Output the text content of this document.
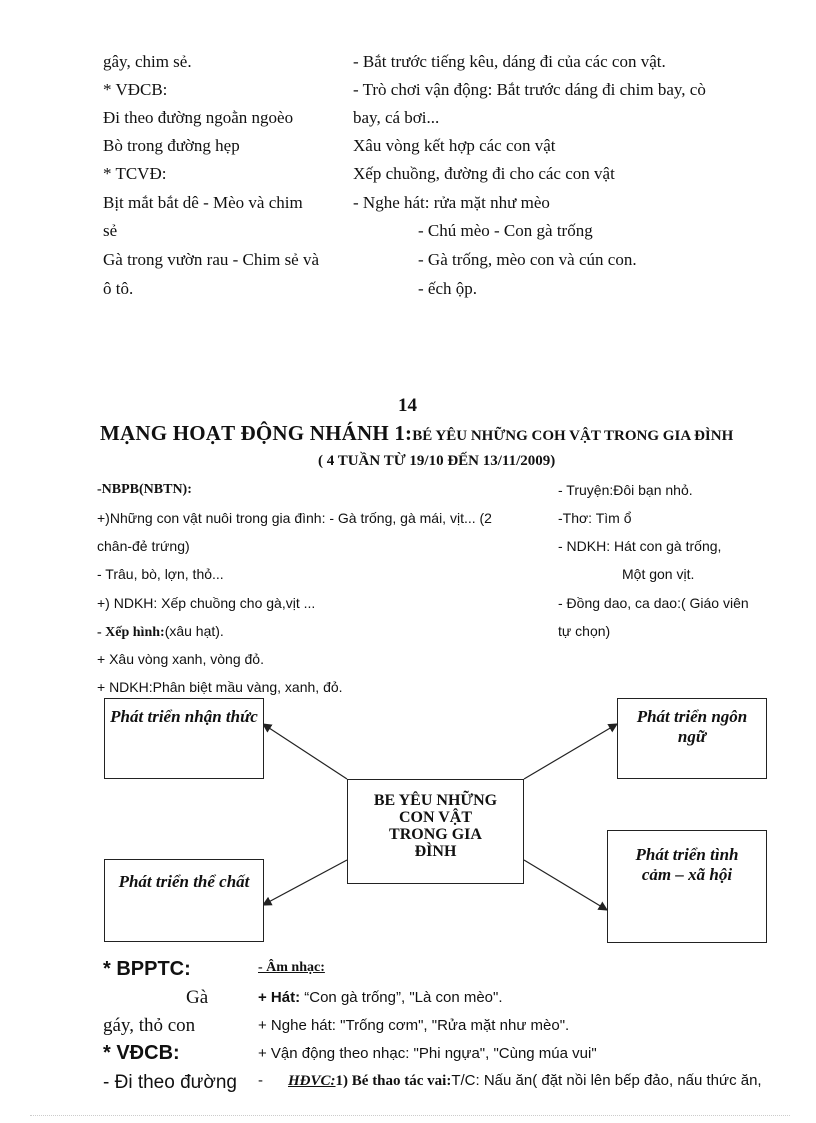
gây, chim sẻ.
* VĐCB:
Đi theo đường ngoằn ngoèo
Bò trong đường hẹp
* TCVĐ:
Bịt mắt bắt dê - Mèo và chim
sẻ
Gà trong vườn rau - Chim sẻ và
ô tô.
- Bắt trước tiếng kêu, dáng đi của các con vật.
- Trò chơi vận động: Bắt trước dáng đi chim bay, cò
bay, cá bơi...
Xâu vòng kết hợp các con vật
Xếp chuồng, đường đi cho các con vật
- Nghe hát: rửa mặt như mèo
- Chú mèo - Con gà trống
- Gà trống, mèo con và cún con.
- ếch ộp.
14
MẠNG HOẠT ĐỘNG NHÁNH 1:BÉ YÊU NHỮNG COH VẬT TRONG GIA ĐÌNH
( 4 TUẦN TỪ 19/10 ĐẾN 13/11/2009)
-NBPB(NBTN):
+)Những con vật nuôi trong gia đình: - Gà trống, gà mái, vịt... (2
chân-đẻ trứng)
- Trâu, bò, lợn, thỏ...
+) NDKH: Xếp chuồng cho gà,vịt ...
- Xếp hình:(xâu hạt).
+ Xâu vòng xanh, vòng đỏ.
+ NDKH:Phân biệt mầu vàng, xanh, đỏ.
- Truyện:Đôi bạn nhỏ.
-Thơ: Tìm ổ
- NDKH: Hát con gà trống,
Một gon vịt.
- Đồng dao, ca dao:( Giáo viên
tự chọn)
Phát triển nhận thức	Phát triển ngôn ngữ
BE YÊU NHỮNG CON VẬT TRONG GIA ĐÌNH
Phát triển thể chất
Phát triển tình cảm – xã hội
* BPPTC:
Gà
gáy, thỏ con
* VĐCB:
- Đi theo đường
- Âm nhạc:
+ Hát: “Con gà trống”, "Là con mèo".
+ Nghe hát: "Trống cơm", "Rửa mặt như mèo".
+ Vận động theo nhạc: "Phi ngựa", "Cùng múa vui"
- HĐVC:1) Bé thao tác vai:T/C: Nấu ăn( đặt nồi lên bếp đảo, nấu thức ăn,
